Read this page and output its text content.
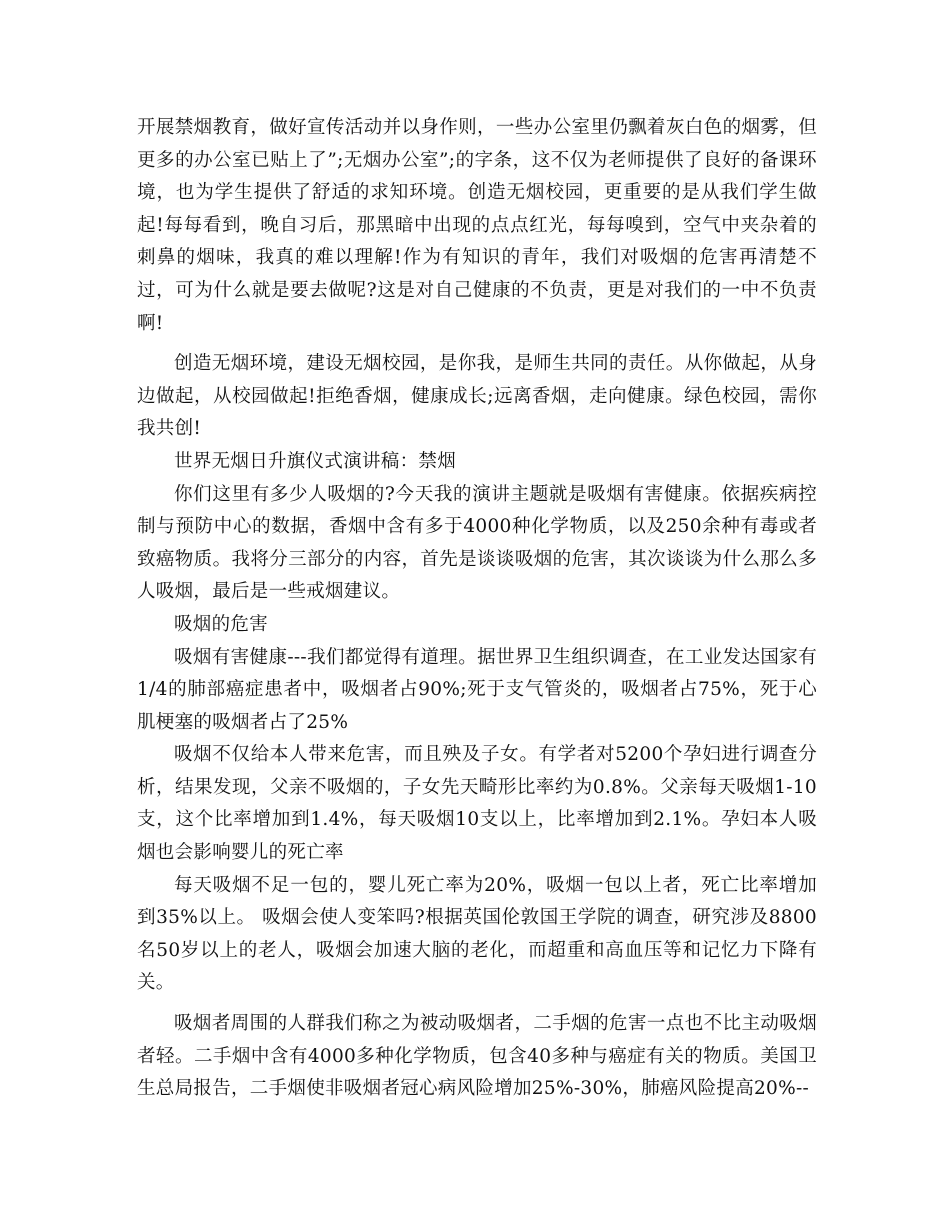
开展禁烟教育，做好宣传活动并以身作则，一些办公室里仍飘着灰白色的烟雾，但更多的办公室已贴上了”;无烟办公室”;的字条，这不仅为老师提供了良好的备课环境，也为学生提供了舒适的求知环境。创造无烟校园，更重要的是从我们学生做起!每每看到，晚自习后，那黑暗中出现的点点红光，每每嗅到，空气中夹杂着的刺鼻的烟味，我真的难以理解!作为有知识的青年，我们对吸烟的危害再清楚不过，可为什么就是要去做呢?这是对自己健康的不负责，更是对我们的一中不负责啊!

创造无烟环境，建设无烟校园，是你我，是师生共同的责任。从你做起，从身边做起，从校园做起!拒绝香烟，健康成长;远离香烟，走向健康。绿色校园，需你我共创!

世界无烟日升旗仪式演讲稿：禁烟

你们这里有多少人吸烟的?今天我的演讲主题就是吸烟有害健康。依据疾病控制与预防中心的数据，香烟中含有多于4000种化学物质，以及250余种有毒或者致癌物质。我将分三部分的内容，首先是谈谈吸烟的危害，其次谈谈为什么那么多人吸烟，最后是一些戒烟建议。

吸烟的危害

吸烟有害健康---我们都觉得有道理。据世界卫生组织调查，在工业发达国家有1/4的肺部癌症患者中，吸烟者占90%;死于支气管炎的，吸烟者占75%，死于心肌梗塞的吸烟者占了25%

吸烟不仅给本人带来危害，而且殃及子女。有学者对5200个孕妇进行调查分析，结果发现，父亲不吸烟的，子女先天畸形比率约为0.8%。父亲每天吸烟1-10支，这个比率增加到1.4%，每天吸烟10支以上，比率增加到2.1%。孕妇本人吸烟也会影响婴儿的死亡率

每天吸烟不足一包的，婴儿死亡率为20%，吸烟一包以上者，死亡比率增加到35%以上。 吸烟会使人变笨吗?根据英国伦敦国王学院的调查，研究涉及8800名50岁以上的老人，吸烟会加速大脑的老化，而超重和高血压等和记忆力下降有关。

吸烟者周围的人群我们称之为被动吸烟者，二手烟的危害一点也不比主动吸烟者轻。二手烟中含有4000多种化学物质，包含40多种与癌症有关的物质。美国卫生总局报告，二手烟使非吸烟者冠心病风险增加25%-30%，肺癌风险提高20%--
